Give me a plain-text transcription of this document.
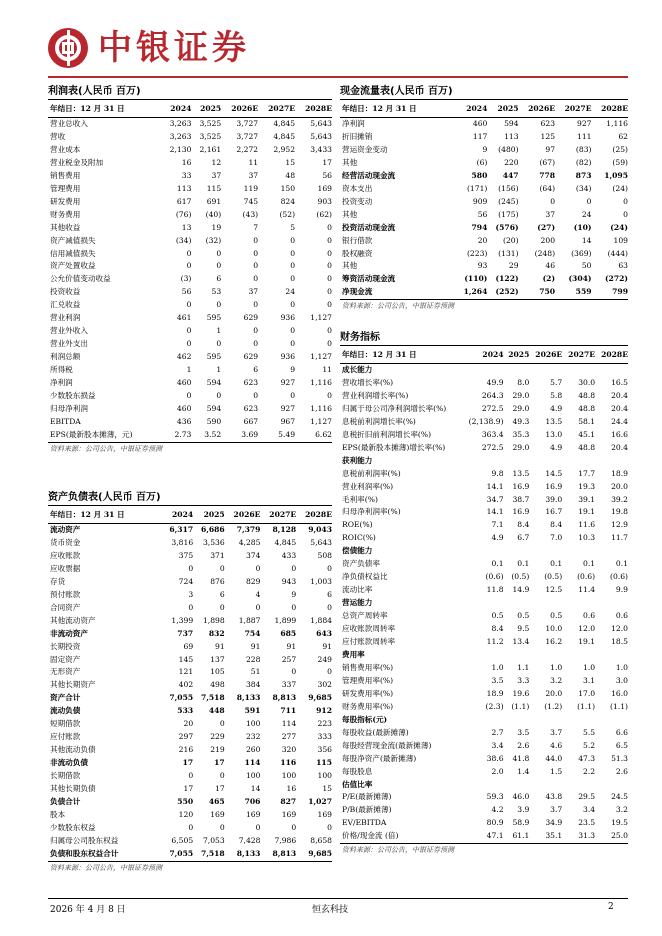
中银证券
利润表(人民币 百万)
年结日：12 月 31 日	2024	2025	2026E	2027E	2028E
营业总收入	3,263	3,525	3,727	4,845	5,643
营收	3,263	3,525	3,727	4,845	5,643
营业成本	2,130	2,161	2,272	2,952	3,433
营业税金及附加	16	12	11	15	17
销售费用	33	37	37	48	56
管理费用	113	115	119	150	169
研发费用	617	691	745	824	903
财务费用	(76)	(40)	(43)	(52)	(62)
其他收益	13	19	7	5	0
资产减值损失	(34)	(32)	0	0	0
信用减值损失	0	0	0	0	0
资产处置收益	0	0	0	0	0
公允价值变动收益	(3)	6	0	0	0
投资收益	56	53	37	24	0
汇兑收益	0	0	0	0	0
营业利润	461	595	629	936	1,127
营业外收入	0	1	0	0	0
营业外支出	0	0	0	0	0
利润总额	462	595	629	936	1,127
所得税	1	1	6	9	11
净利润	460	594	623	927	1,116
少数股东损益	0	0	0	0	0
归母净利润	460	594	623	927	1,116
EBITDA	436	590	667	967	1,127
EPS(最新股本摊薄，元)	2.73	3.52	3.69	5.49	6.62
资料来源：公司公告，中银证券预测
资产负债表(人民币 百万)
年结日：12 月 31 日	2024	2025	2026E	2027E	2028E
流动资产	6,317	6,686	7,379	8,128	9,043
货币资金	3,816	3,536	4,285	4,845	5,643
应收账款	375	371	374	433	508
应收票据	0	0	0	0	0
存货	724	876	829	943	1,003
预付账款	3	6	4	9	6
合同资产	0	0	0	0	0
其他流动资产	1,399	1,898	1,887	1,899	1,884
非流动资产	737	832	754	685	643
长期投资	69	91	91	91	91
固定资产	145	137	228	257	249
无形资产	121	105	51	0	0
其他长期资产	402	498	384	337	302
资产合计	7,055	7,518	8,133	8,813	9,685
流动负债	533	448	591	711	912
短期借款	20	0	100	114	223
应付账款	297	229	232	277	333
其他流动负债	216	219	260	320	356
非流动负债	17	17	114	116	115
长期借款	0	0	100	100	100
其他长期负债	17	17	14	16	15
负债合计	550	465	706	827	1,027
股本	120	169	169	169	169
少数股东权益	0	0	0	0	0
归属母公司股东权益	6,505	7,053	7,428	7,986	8,658
负债和股东权益合计	7,055	7,518	8,133	8,813	9,685
资料来源：公司公告，中银证券预测
现金流量表(人民币 百万)
年结日：12 月 31 日	2024	2025	2026E	2027E	2028E
净利润	460	594	623	927	1,116
折旧摊销	117	113	125	111	62
营运资金变动	9	(480)	97	(83)	(25)
其他	(6)	220	(67)	(82)	(59)
经营活动现金流	580	447	778	873	1,095
资本支出	(171)	(156)	(64)	(34)	(24)
投资变动	909	(245)	0	0	0
其他	56	(175)	37	24	0
投资活动现金流	794	(576)	(27)	(10)	(24)
银行借款	20	(20)	200	14	109
股权融资	(223)	(131)	(248)	(369)	(444)
其他	93	29	46	50	63
筹资活动现金流	(110)	(122)	(2)	(304)	(272)
净现金流	1,264	(252)	750	559	799
资料来源：公司公告，中银证券预测
财务指标
年结日：12 月 31 日	2024	2025	2026E	2027E	2028E
成长能力					
营收增长率(%)	49.9	8.0	5.7	30.0	16.5
营业利润增长率(%)	264.3	29.0	5.8	48.8	20.4
归属于母公司净利润增长率(%)	272.5	29.0	4.9	48.8	20.4
息税前利润增长率(%)	(2,138.9)	49.3	13.5	58.1	24.4
息税折旧前利润增长率(%)	363.4	35.3	13.0	45.1	16.6
EPS(最新股本摊薄)增长率(%)	272.5	29.0	4.9	48.8	20.4
获利能力					
息税前利润率(%)	9.8	13.5	14.5	17.7	18.9
营业利润率(%)	14.1	16.9	16.9	19.3	20.0
毛利率(%)	34.7	38.7	39.0	39.1	39.2
归母净利润率(%)	14.1	16.9	16.7	19.1	19.8
ROE(%)	7.1	8.4	8.4	11.6	12.9
ROIC(%)	4.9	6.7	7.0	10.3	11.7
偿债能力					
资产负债率	0.1	0.1	0.1	0.1	0.1
净负债权益比	(0.6)	(0.5)	(0.5)	(0.6)	(0.6)
流动比率	11.8	14.9	12.5	11.4	9.9
营运能力					
总资产周转率	0.5	0.5	0.5	0.6	0.6
应收账款周转率	8.4	9.5	10.0	12.0	12.0
应付账款周转率	11.2	13.4	16.2	19.1	18.5
费用率					
销售费用率(%)	1.0	1.1	1.0	1.0	1.0
管理费用率(%)	3.5	3.3	3.2	3.1	3.0
研发费用率(%)	18.9	19.6	20.0	17.0	16.0
财务费用率(%)	(2.3)	(1.1)	(1.2)	(1.1)	(1.1)
每股指标(元)					
每股收益(最新摊薄)	2.7	3.5	3.7	5.5	6.6
每股经营现金流(最新摊薄)	3.4	2.6	4.6	5.2	6.5
每股净资产(最新摊薄)	38.6	41.8	44.0	47.3	51.3
每股股息	2.0	1.4	1.5	2.2	2.6
估值比率					
P/E(最新摊薄)	59.3	46.0	43.8	29.5	24.5
P/B(最新摊薄)	4.2	3.9	3.7	3.4	3.2
EV/EBITDA	80.9	58.9	34.9	23.5	19.5
价格/现金流 (倍)	47.1	61.1	35.1	31.3	25.0
资料来源：公司公告，中银证券预测
2026 年 4 月 8 日	恒玄科技	2
